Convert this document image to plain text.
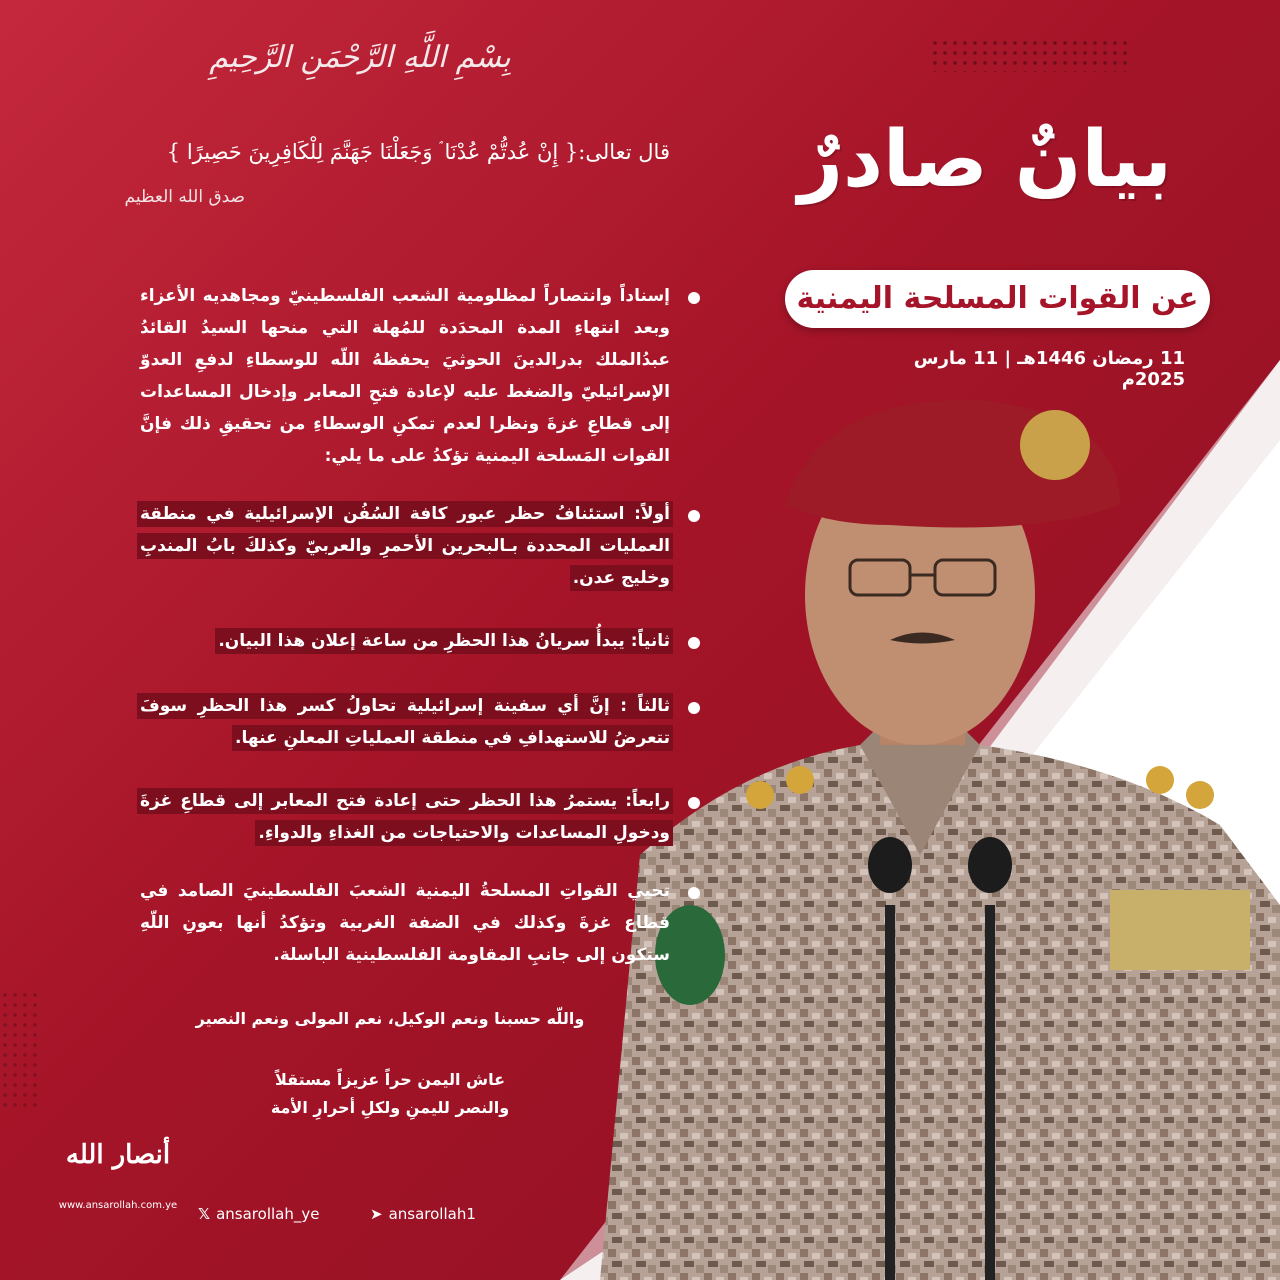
بِسْمِ اللَّهِ الرَّحْمَنِ الرَّحِيمِ
قال تعالى:{ إِنْ عُدتُّمْ عُدْنَا ۘ وَجَعَلْنَا جَهَنَّمَ لِلْكَافِرِينَ حَصِيرًا }
صدق الله العظيم	بيانٌ صادرٌ
عن القوات المسلحة اليمنية
11 رمضان 1446هـ | 11 مارس 2025م
إسناداً وانتصاراً لمظلومية الشعب الفلسطينيّ ومجاهديه الأعزاء وبعد انتهاءِ المدة المحدَدة للمُهلة التي منحها السيدُ القائدُ عبدُالملك بدرالدينَ الحوثيَ يحفظهُ اللّه للوسطاءِ لدفعِ العدوّ الإسرائيليّ والضغط عليه لإعادة فتحِ المعابر وإدخال المساعدات إلى قطاعِ غزةَ ونظرا لعدم تمكنِ الوسطاءِ من تحقيقِ ذلك فإنَّ القوات المَسلحة اليمنية تؤكدُ على ما يلي:
أولاً: استئنافُ حظر عبور كافة السُفُن الإسرائيلية في منطقة العمليات المحددة بـالبحرين الأحمرِ والعربيّ وكذلكَ بابُ المندبِ وخليج عدن.
ثانياً: يبدأُ سريانُ هذا الحظرِ من ساعة إعلان هذا البيان.
ثالثاً : إنَّ أي سفينة إسرائيلية تحاولُ كسر هذا الحظرِ سوفَ تتعرضُ للاستهدافِ في منطقة العملياتِ المعلنِ عنها.
رابعاً: يستمرُ هذا الحظر حتى إعادة فتح المعابر إلى قطاعِ غزةَ ودخولِ المساعدات والاحتياجات من الغذاءِ والدواءِ.
تحيي القواتِ المسلحةُ اليمنية الشعبَ الفلسطينيَ الصامد في قطاع غزةَ وكذلك في الضفة الغربية وتؤكدُ أنها بعونِ اللّهِ ستكون إلى جانبِ المقاومة الفلسطينية الباسلة.
واللّه حسبنا ونعم الوكيل، نعم المولى ونعم النصير
عاش اليمن حراً عزيزاً مستقلاً
والنصر لليمنِ ولكلِ أحرارِ الأمة
أنصار الله
www.ansarollah.com.ye 𝕏 ansarollah_ye	➤ ansarollah1
